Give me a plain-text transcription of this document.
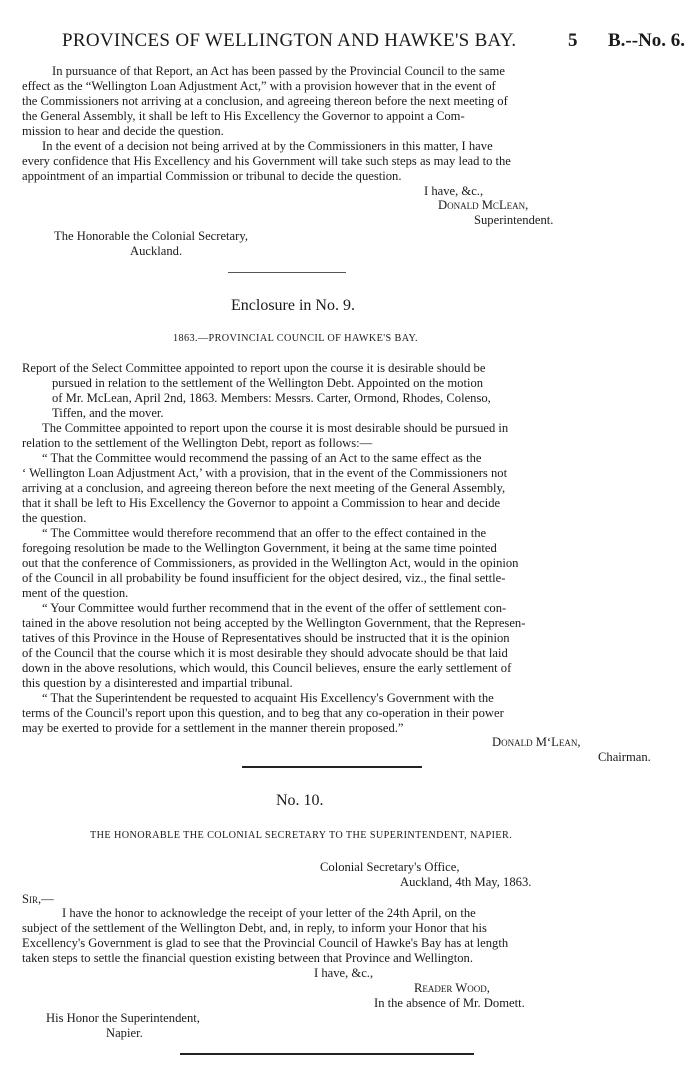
PROVINCES OF WELLINGTON AND HAWKE'S BAY.	5 B.--No. 6.
In pursuance of that Report, an Act has been passed by the Provincial Council to the same
effect as the “Wellington Loan Adjustment Act,” with a provision however that in the event of
the Commissioners not arriving at a conclusion, and agreeing thereon before the next meeting of
the General Assembly, it shall be left to His Excellency the Governor to appoint a Com-
mission to hear and decide the question.
In the event of a decision not being arrived at by the Commissioners in this matter, I have
every confidence that His Excellency and his Government will take such steps as may lead to the
appointment of an impartial Commission or tribunal to decide the question.
I have, &c.,
Donald McLean,
Superintendent.
The Honorable the Colonial Secretary,
Auckland.
Enclosure in No. 9.
1863.—PROVINCIAL COUNCIL OF HAWKE'S BAY.
Report of the Select Committee appointed to report upon the course it is desirable should be
pursued in relation to the settlement of the Wellington Debt. Appointed on the motion
of Mr. McLean, April 2nd, 1863. Members: Messrs. Carter, Ormond, Rhodes, Colenso,
Tiffen, and the mover.
The Committee appointed to report upon the course it is most desirable should be pursued in
relation to the settlement of the Wellington Debt, report as follows:—
“ That the Committee would recommend the passing of an Act to the same effect as the
‘ Wellington Loan Adjustment Act,’ with a provision, that in the event of the Commissioners not
arriving at a conclusion, and agreeing thereon before the next meeting of the General Assembly,
that it shall be left to His Excellency the Governor to appoint a Commission to hear and decide
the question.
“ The Committee would therefore recommend that an offer to the effect contained in the
foregoing resolution be made to the Wellington Government, it being at the same time pointed
out that the conference of Commissioners, as provided in the Wellington Act, would in the opinion
of the Council in all probability be found insufficient for the object desired, viz., the final settle-
ment of the question.
“ Your Committee would further recommend that in the event of the offer of settlement con-
tained in the above resolution not being accepted by the Wellington Government, that the Represen-
tatives of this Province in the House of Representatives should be instructed that it is the opinion
of the Council that the course which it is most desirable they should advocate should be that laid
down in the above resolutions, which would, this Council believes, ensure the early settlement of
this question by a disinterested and impartial tribunal.
“ That the Superintendent be requested to acquaint His Excellency's Government with the
terms of the Council's report upon this question, and to beg that any co-operation in their power
may be exerted to provide for a settlement in the manner therein proposed.”
Donald M‘Lean,
Chairman.
No. 10.
THE HONORABLE THE COLONIAL SECRETARY TO THE SUPERINTENDENT, NAPIER.
Colonial Secretary's Office,
Auckland, 4th May, 1863.
Sir,—
I have the honor to acknowledge the receipt of your letter of the 24th April, on the
subject of the settlement of the Wellington Debt, and, in reply, to inform your Honor that his
Excellency's Government is glad to see that the Provincial Council of Hawke's Bay has at length
taken steps to settle the financial question existing between that Province and Wellington.
I have, &c.,
Reader Wood,
In the absence of Mr. Domett.
His Honor the Superintendent,
Napier.
